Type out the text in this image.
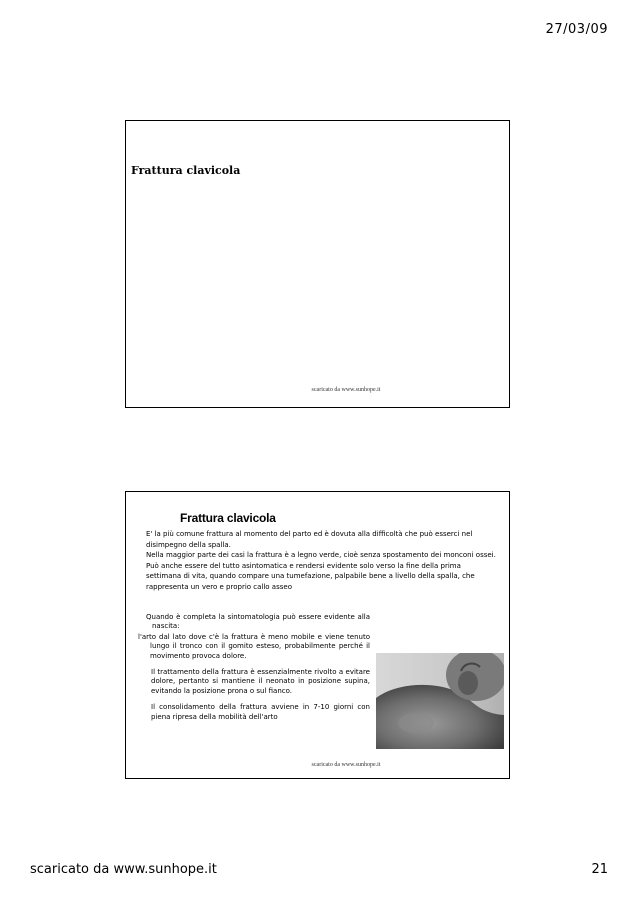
27/03/09
Frattura clavicola
scaricato da www.sunhope.it
Frattura clavicola

E' la più comune frattura al momento del parto ed è dovuta alla difficoltà che può esserci nel disimpegno della spalla.

Nella maggior parte dei casi la frattura è a legno verde, cioè senza spostamento dei monconi ossei.

Può anche essere del tutto asintomatica e rendersi evidente solo verso la fine della prima settimana di vita, quando compare una tumefazione, palpabile bene a livello della spalla, che rappresenta un vero e proprio callo asseo

Quando è completa la sintomatologia può essere evidente alla nascita:

l'arto dal lato dove c'è la frattura è meno mobile e viene tenuto lungo il tronco con il gomito esteso, probabilmente perché il movimento provoca dolore.

Il trattamento della frattura è essenzialmente rivolto a evitare dolore, pertanto si mantiene il neonato in posizione supina, evitando la posizione prona o sul fianco.

Il consolidamento della frattura avviene in 7-10 giorni con piena ripresa della mobilità dell'arto

scaricato da www.sunhope.it
scaricato da www.sunhope.it	21
